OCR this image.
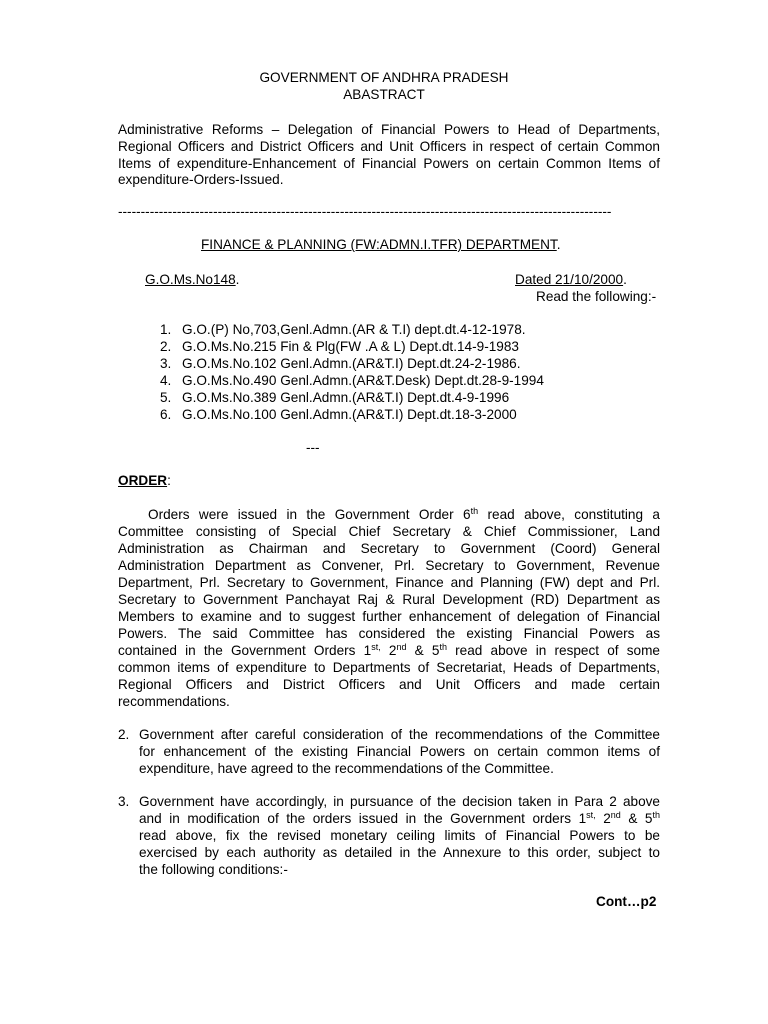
GOVERNMENT OF ANDHRA PRADESH
ABASTRACT
Administrative Reforms – Delegation of Financial Powers to Head of Departments,
Regional Officers and District Officers and Unit Officers in respect of certain Common
Items of expenditure-Enhancement of Financial Powers on certain Common Items of
expenditure-Orders-Issued.
-------------------------------------------------------------------------------------------------------------
FINANCE & PLANNING (FW:ADMN.I.TFR) DEPARTMENT.
G.O.Ms.No148.	Dated 21/10/2000.
Read the following:-
1. G.O.(P) No,703,Genl.Admn.(AR & T.I) dept.dt.4-12-1978.
2. G.O.Ms.No.215 Fin & Plg(FW .A & L) Dept.dt.14-9-1983
3. G.O.Ms.No.102 Genl.Admn.(AR&T.I) Dept.dt.24-2-1986.
4. G.O.Ms.No.490 Genl.Admn.(AR&T.Desk) Dept.dt.28-9-1994
5. G.O.Ms.No.389 Genl.Admn.(AR&T.I) Dept.dt.4-9-1996
6. G.O.Ms.No.100 Genl.Admn.(AR&T.I) Dept.dt.18-3-2000
---
ORDER:
Orders were issued in the Government Order 6th read above, constituting a
Committee consisting of Special Chief Secretary & Chief Commissioner, Land
Administration as Chairman and Secretary to Government (Coord) General
Administration Department as Convener, Prl. Secretary to Government, Revenue
Department, Prl. Secretary to Government, Finance and Planning (FW) dept and Prl.
Secretary to Government Panchayat Raj & Rural Development (RD) Department as
Members to examine and to suggest further enhancement of delegation of Financial
Powers. The said Committee has considered the existing Financial Powers as
contained in the Government Orders $1^{st,}$ 2nd & 5th read above in respect of some
common items of expenditure to Departments of Secretariat, Heads of Departments,
Regional Officers and District Officers and Unit Officers and made certain
recommendations.
2. Government after careful consideration of the recommendations of the Committee
for enhancement of the existing Financial Powers on certain common items of
expenditure, have agreed to the recommendations of the Committee.
3. Government have accordingly, in pursuance of the decision taken in Para 2 above
and in modification of the orders issued in the Government orders $1^{st,}$ 2nd & 5th
read above, fix the revised monetary ceiling limits of Financial Powers to be
exercised by each authority as detailed in the Annexure to this order, subject to
the following conditions:-
Cont…p2
